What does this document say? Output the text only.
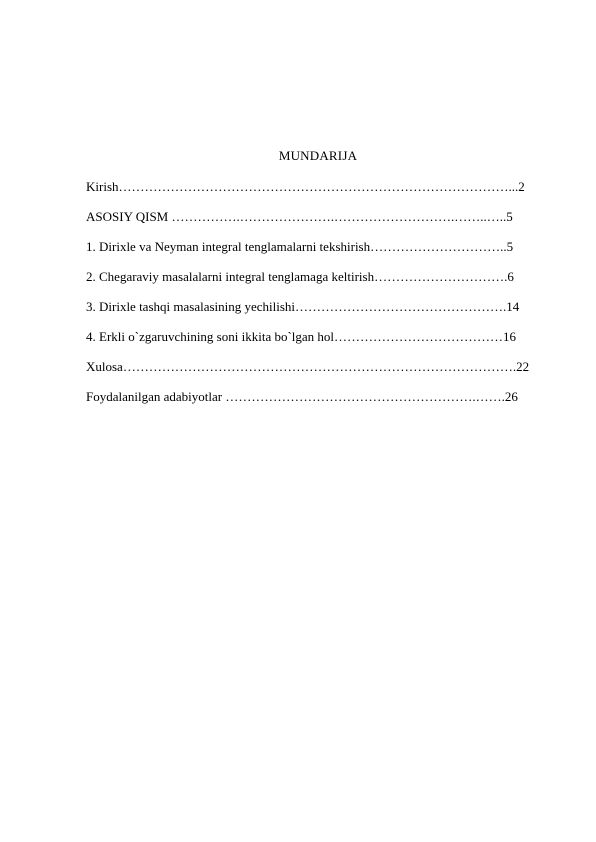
MUNDARIJA
Kirish………………………………………………………………………………...2
ASOSIY QISM …………….………………….……………………….……..…..5
1. Dirixle va Neyman integral tenglamalarni tekshirish…………………………..5
2. Chegaraviy masalalarni integral tenglamaga keltirish………………………….6
3. Dirixle tashqi masalasining yechilishi………………………………………….14
4. Erkli o`zgaruvchining soni ikkita bo`lgan hol…………………………………16
Xulosa……………………………………………………………………………….22
Foydalanilgan adabiyotlar ………………………………………………….…….26
